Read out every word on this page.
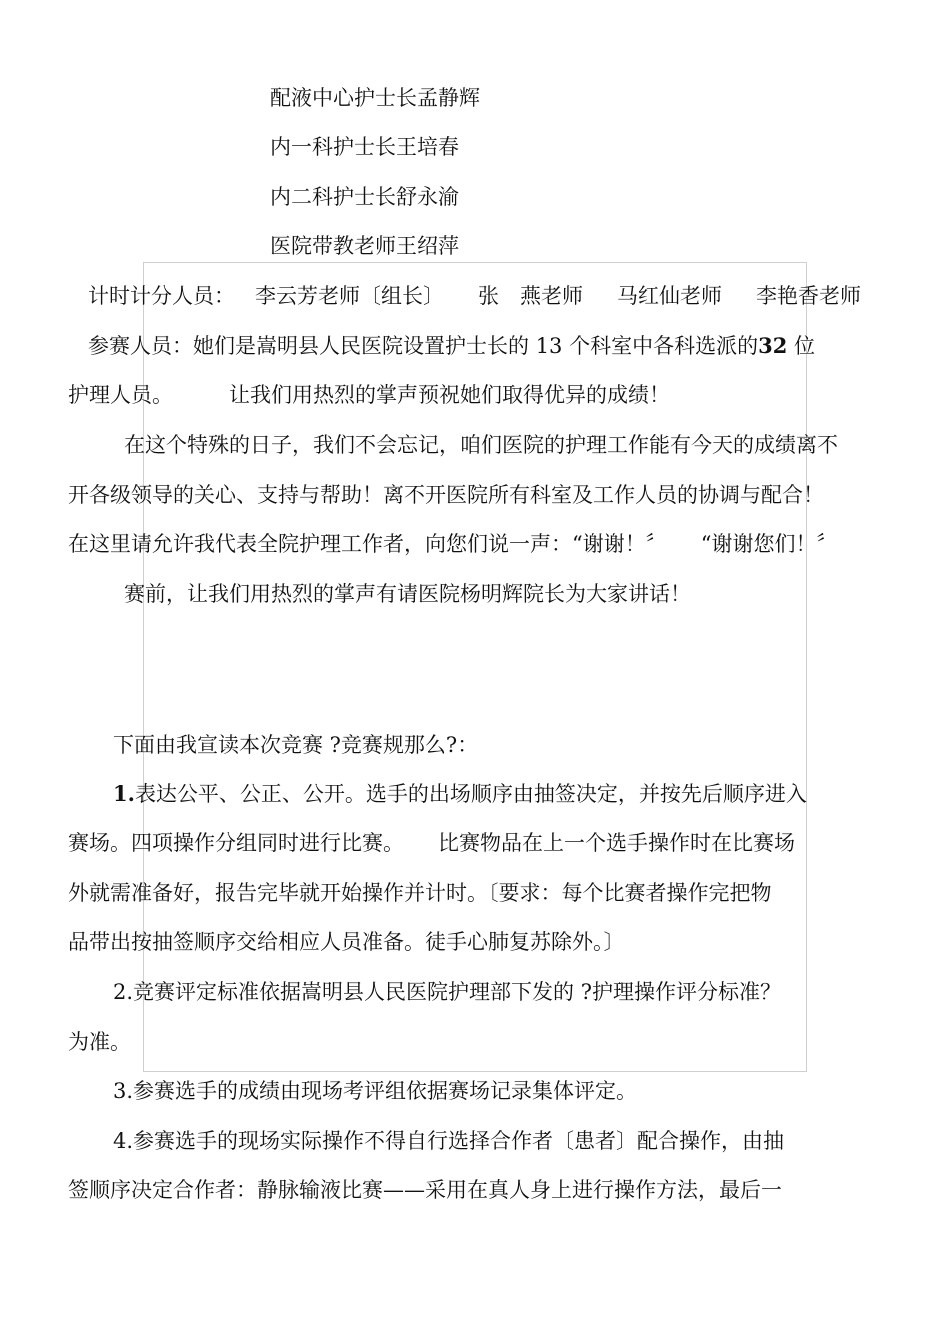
配液中心护士长孟静辉
内一科护士长王培春
内二科护士长舒永渝
医院带教老师王绍萍
计时计分人员： 李云芳老师〔组长〕 张　燕老师 马红仙老师 李艳香老师
参赛人员：她们是嵩明县人民医院设置护士长的 13 个科室中各科选派的32 位
护理人员。	让我们用热烈的掌声预祝她们取得优异的成绩！
在这个特殊的日子，我们不会忘记，咱们医院的护理工作能有今天的成绩离不
开各级领导的关心、支持与帮助！离不开医院所有科室及工作人员的协调与配合！
在这里请允许我代表全院护理工作者，向您们说一声：“谢谢！〞 “谢谢您们！〞
赛前，让我们用热烈的掌声有请医院杨明辉院长为大家讲话！
下面由我宣读本次竞赛 ?竞赛规那么?：
1.表达公平、公正、公开。选手的出场顺序由抽签决定，并按先后顺序进入
赛场。四项操作分组同时进行比赛。 比赛物品在上一个选手操作时在比赛场
外就需准备好，报告完毕就开始操作并计时。〔要求：每个比赛者操作完把物
品带出按抽签顺序交给相应人员准备。徒手心肺复苏除外。〕
2.竞赛评定标准依据嵩明县人民医院护理部下发的 ?护理操作评分标准？
为准。
3.参赛选手的成绩由现场考评组依据赛场记录集体评定。
4.参赛选手的现场实际操作不得自行选择合作者〔患者〕配合操作，由抽
签顺序决定合作者：静脉输液比赛——采用在真人身上进行操作方法，最后一
